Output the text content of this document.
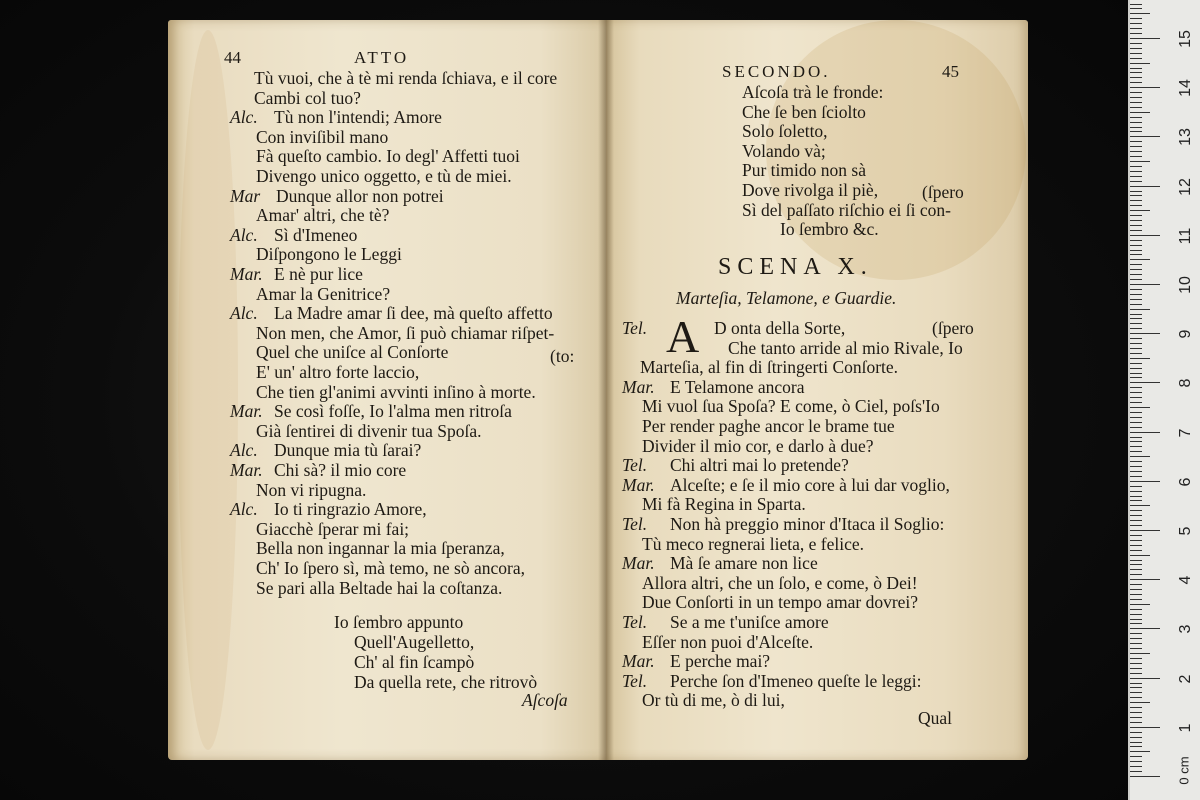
44	ATTO
Tù vuoi, che à tè mi renda ſchiava, e il core
Cambi col tuo?
Alc. Tù non l'intendi; Amore
Con inviſibil mano
Fà queſto cambio. Io degl' Affetti tuoi
Divengo unico oggetto, e tù de miei.
Mar Dunque allor non potrei
Amar' altri, che tè?
Alc. Sì d'Imeneo
Diſpongono le Leggi
Mar. E nè pur lice
Amar la Genitrice?
Alc. La Madre amar ſi dee, mà queſto affetto
Non men, che Amor, ſi può chiamar riſpet-
Quel che uniſce al Conſorte
E' un' altro forte laccio,
Che tien gl'animi avvinti inſino à morte.
Mar. Se così foſſe, Io l'alma men ritroſa
Già ſentirei di divenir tua Spoſa.
Alc. Dunque mia tù ſarai?
Mar. Chi sà? il mio core
Non vi ripugna.
Alc. Io ti ringrazio Amore,
Giacchè ſperar mi fai;
Bella non ingannar la mia ſperanza,
Ch' Io ſpero sì, mà temo, ne sò ancora,
Se pari alla Beltade hai la coſtanza.
(to:
Io ſembro appunto
Quell'Augelletto,
Ch' al fin ſcampò
Da quella rete, che ritrovò
Aſcoſa
SECONDO.	45
Aſcoſa trà le fronde:
Che ſe ben ſciolto
Solo ſoletto,
Volando và;
Pur timido non sà
Dove rivolga il piè,
Sì del paſſato riſchio ei ſi con-
Io ſembro &c.
(ſpero
SCENA X.
Marteſia, Telamone, e Guardie.
A
Tel.	D onta della Sorte,
Che tanto arride al mio Rivale, Io
Marteſia, al fin di ſtringerti Conſorte.
Mar. E Telamone ancora
Mi vuol ſua Spoſa? E come, ò Ciel, poſs'Io
Per render paghe ancor le brame tue
Divider il mio cor, e darlo à due?
Tel. Chi altri mai lo pretende?
Mar. Alceſte; e ſe il mio core à lui dar voglio,
Mi fà Regina in Sparta.
Tel. Non hà preggio minor d'Itaca il Soglio:
Tù meco regnerai lieta, e felice.
Mar. Mà ſe amare non lice
Allora altri, che un ſolo, e come, ò Dei!
Due Conſorti in un tempo amar dovrei?
Tel. Se a me t'uniſce amore
Eſſer non puoi d'Alceſte.
Mar. E perche mai?
Tel. Perche ſon d'Imeneo queſte le leggi:
Or tù di me, ò di lui,
(ſpero
Qual
15
14
13
12
11
10
9
8
7
6
5
4
3
2
1
0 cm
